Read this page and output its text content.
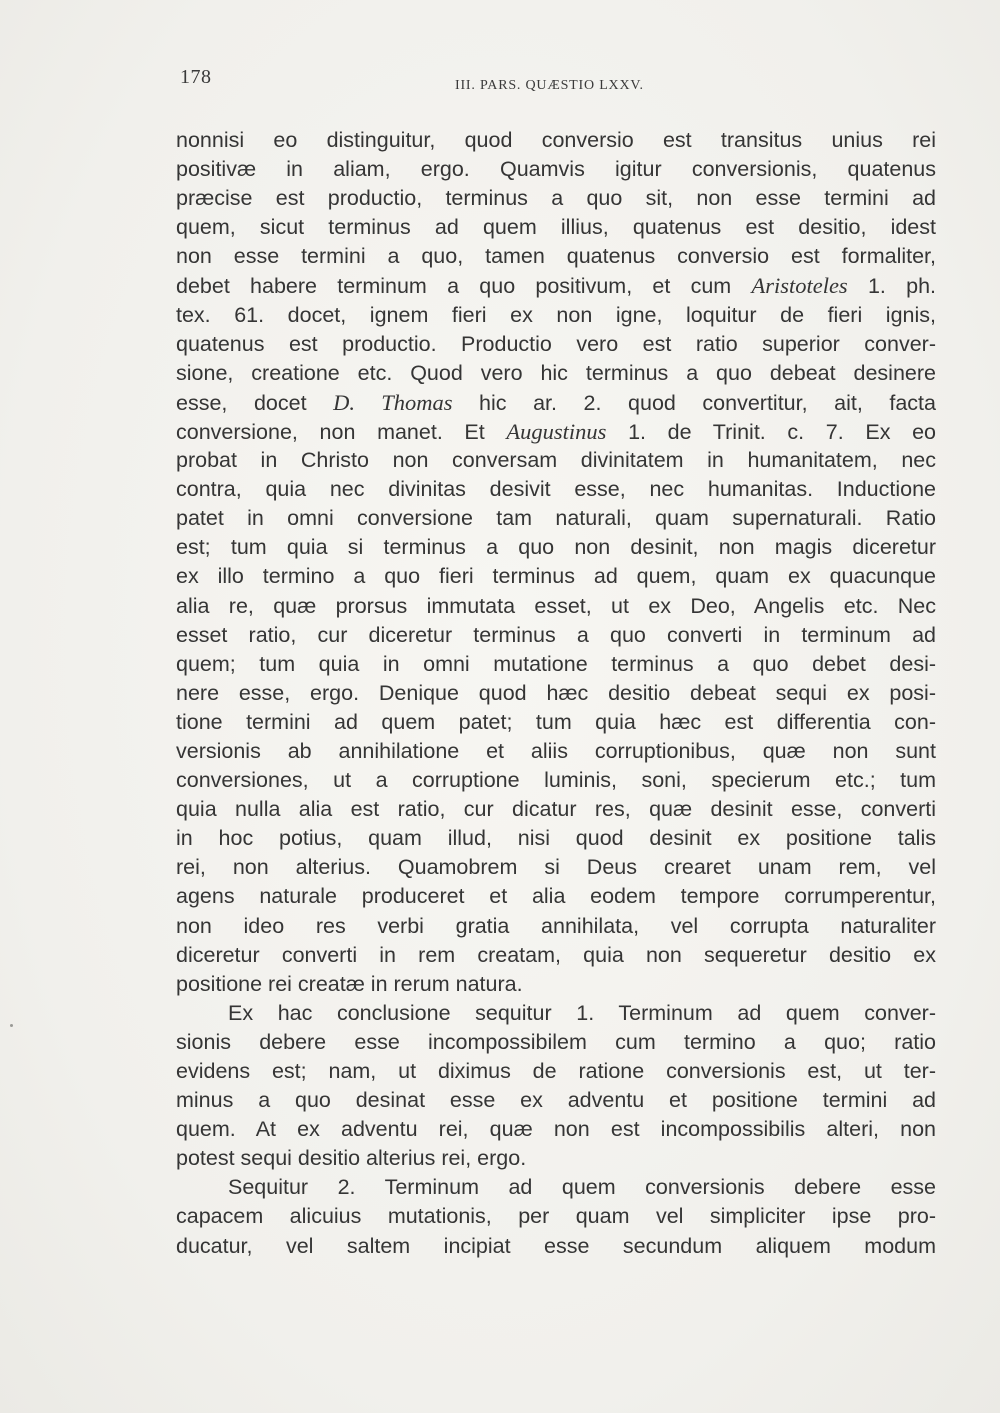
178	III. PARS. QUÆSTIO LXXV.
nonnisi eo distinguitur, quod conversio est transitus unius rei
positivæ in aliam, ergo. Quamvis igitur conversionis, quatenus
præcise est productio, terminus a quo sit, non esse termini ad
quem, sicut terminus ad quem illius, quatenus est desitio, idest
non esse termini a quo, tamen quatenus conversio est formaliter,
debet habere terminum a quo positivum, et cum Aristoteles 1. ph.
tex. 61. docet, ignem fieri ex non igne, loquitur de fieri ignis,
quatenus est productio. Productio vero est ratio superior conver-
sione, creatione etc. Quod vero hic terminus a quo debeat desinere
esse, docet D. Thomas hic ar. 2. quod convertitur, ait, facta
conversione, non manet. Et Augustinus 1. de Trinit. c. 7. Ex eo
probat in Christo non conversam divinitatem in humanitatem, nec
contra, quia nec divinitas desivit esse, nec humanitas. Inductione
patet in omni conversione tam naturali, quam supernaturali. Ratio
est; tum quia si terminus a quo non desinit, non magis diceretur
ex illo termino a quo fieri terminus ad quem, quam ex quacunque
alia re, quæ prorsus immutata esset, ut ex Deo, Angelis etc. Nec
esset ratio, cur diceretur terminus a quo converti in terminum ad
quem; tum quia in omni mutatione terminus a quo debet desi-
nere esse, ergo. Denique quod hæc desitio debeat sequi ex posi-
tione termini ad quem patet; tum quia hæc est differentia con-
versionis ab annihilatione et aliis corruptionibus, quæ non sunt
conversiones, ut a corruptione luminis, soni, specierum etc.; tum
quia nulla alia est ratio, cur dicatur res, quæ desinit esse, converti
in hoc potius, quam illud, nisi quod desinit ex positione talis
rei, non alterius. Quamobrem si Deus crearet unam rem, vel
agens naturale produceret et alia eodem tempore corrumperentur,
non ideo res verbi gratia annihilata, vel corrupta naturaliter
diceretur converti in rem creatam, quia non sequeretur desitio ex
positione rei creatæ in rerum natura.
Ex hac conclusione sequitur 1. Terminum ad quem conver-
sionis debere esse incompossibilem cum termino a quo; ratio
evidens est; nam, ut diximus de ratione conversionis est, ut ter-
minus a quo desinat esse ex adventu et positione termini ad
quem. At ex adventu rei, quæ non est incompossibilis alteri, non
potest sequi desitio alterius rei, ergo.
Sequitur 2. Terminum ad quem conversionis debere esse
capacem alicuius mutationis, per quam vel simpliciter ipse pro-
ducatur, vel saltem incipiat esse secundum aliquem modum
